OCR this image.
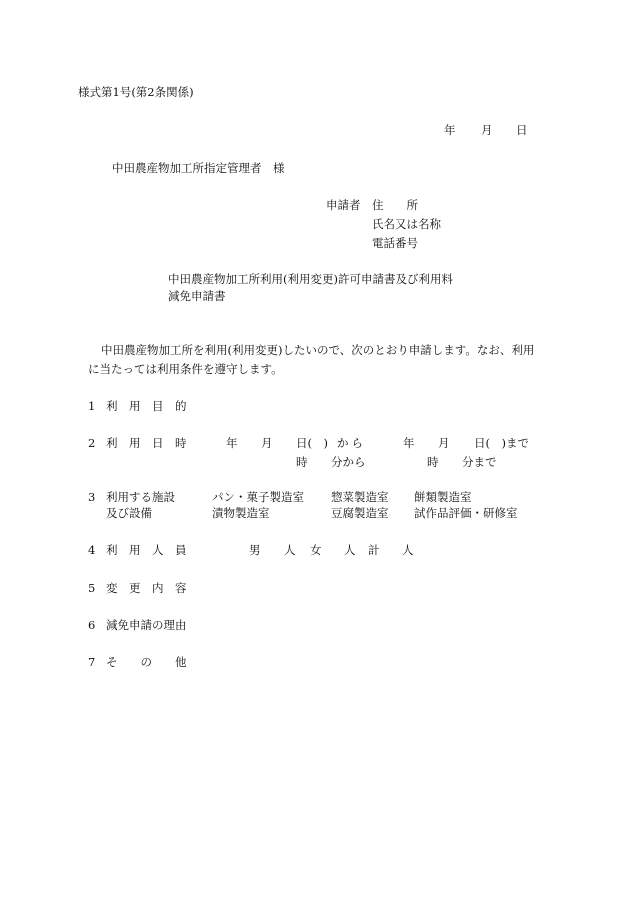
様式第1号(第2条関係)
年 月 日
中田農産物加工所指定管理者　様
申請者 住　　所
氏名又は名称
電話番号
中田農産物加工所利用(利用変更)許可申請書及び利用料
減免申請書
中田農産物加工所を利用(利用変更)したいので、次のとおり申請します。なお、利用
に当たっては利用条件を遵守します。
1 利　用　目　的
2 利　用　日　時	年 月 日(　) から	年 月 日(　)まで
時 分から	時 分まで
3 利用する施設
及び設備
パン・菓子製造室 惣菜製造室 餅類製造室
漬物製造室	豆腐製造室 試作品評価・研修室
4 利　用　人　員	男 人 女 人 計 人
5 変　更　内　容
6 減免申請の理由
7 そ　　の　　他
